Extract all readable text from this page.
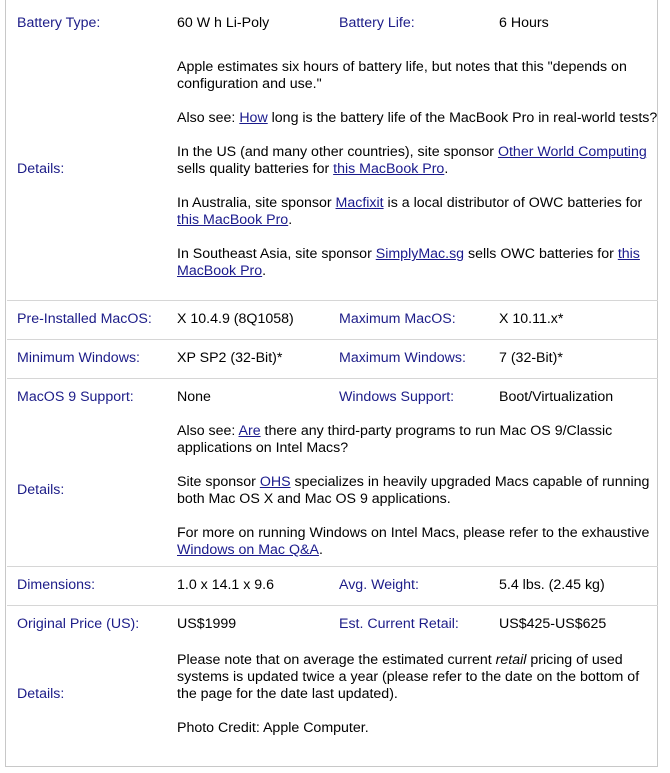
Battery Type:	60 W h Li-Poly	Battery Life:	6 Hours
Details:	Apple estimates six hours of battery life, but notes that this "depends on configuration and use."

Also see: How long is the battery life of the MacBook Pro in real-world tests?

In the US (and many other countries), site sponsor Other World Computing sells quality batteries for this MacBook Pro.

In Australia, site sponsor Macfixit is a local distributor of OWC batteries for this MacBook Pro.

In Southeast Asia, site sponsor SimplyMac.sg sells OWC batteries for this MacBook Pro.		

Pre-Installed MacOS:	X 10.4.9 (8Q1058)	Maximum MacOS:	X 10.11.x*
Minimum Windows:	XP SP2 (32-Bit)*	Maximum Windows:	7 (32-Bit)*
MacOS 9 Support:	None	Windows Support:	Boot/Virtualization
Details:	Also see: Are there any third-party programs to run Mac OS 9/Classic applications on Intel Macs?

Site sponsor OHS specializes in heavily upgraded Macs capable of running both Mac OS X and Mac OS 9 applications.

For more on running Windows on Intel Macs, please refer to the exhaustive Windows on Mac Q&A.		

Dimensions:	1.0 x 14.1 x 9.6	Avg. Weight:	5.4 lbs. (2.45 kg)
Original Price (US):	US$1999	Est. Current Retail:	US$425-US$625
Details:	Please note that on average the estimated current retail pricing of used systems is updated twice a year (please refer to the date on the bottom of the page for the date last updated).

Photo Credit: Apple Computer.		
